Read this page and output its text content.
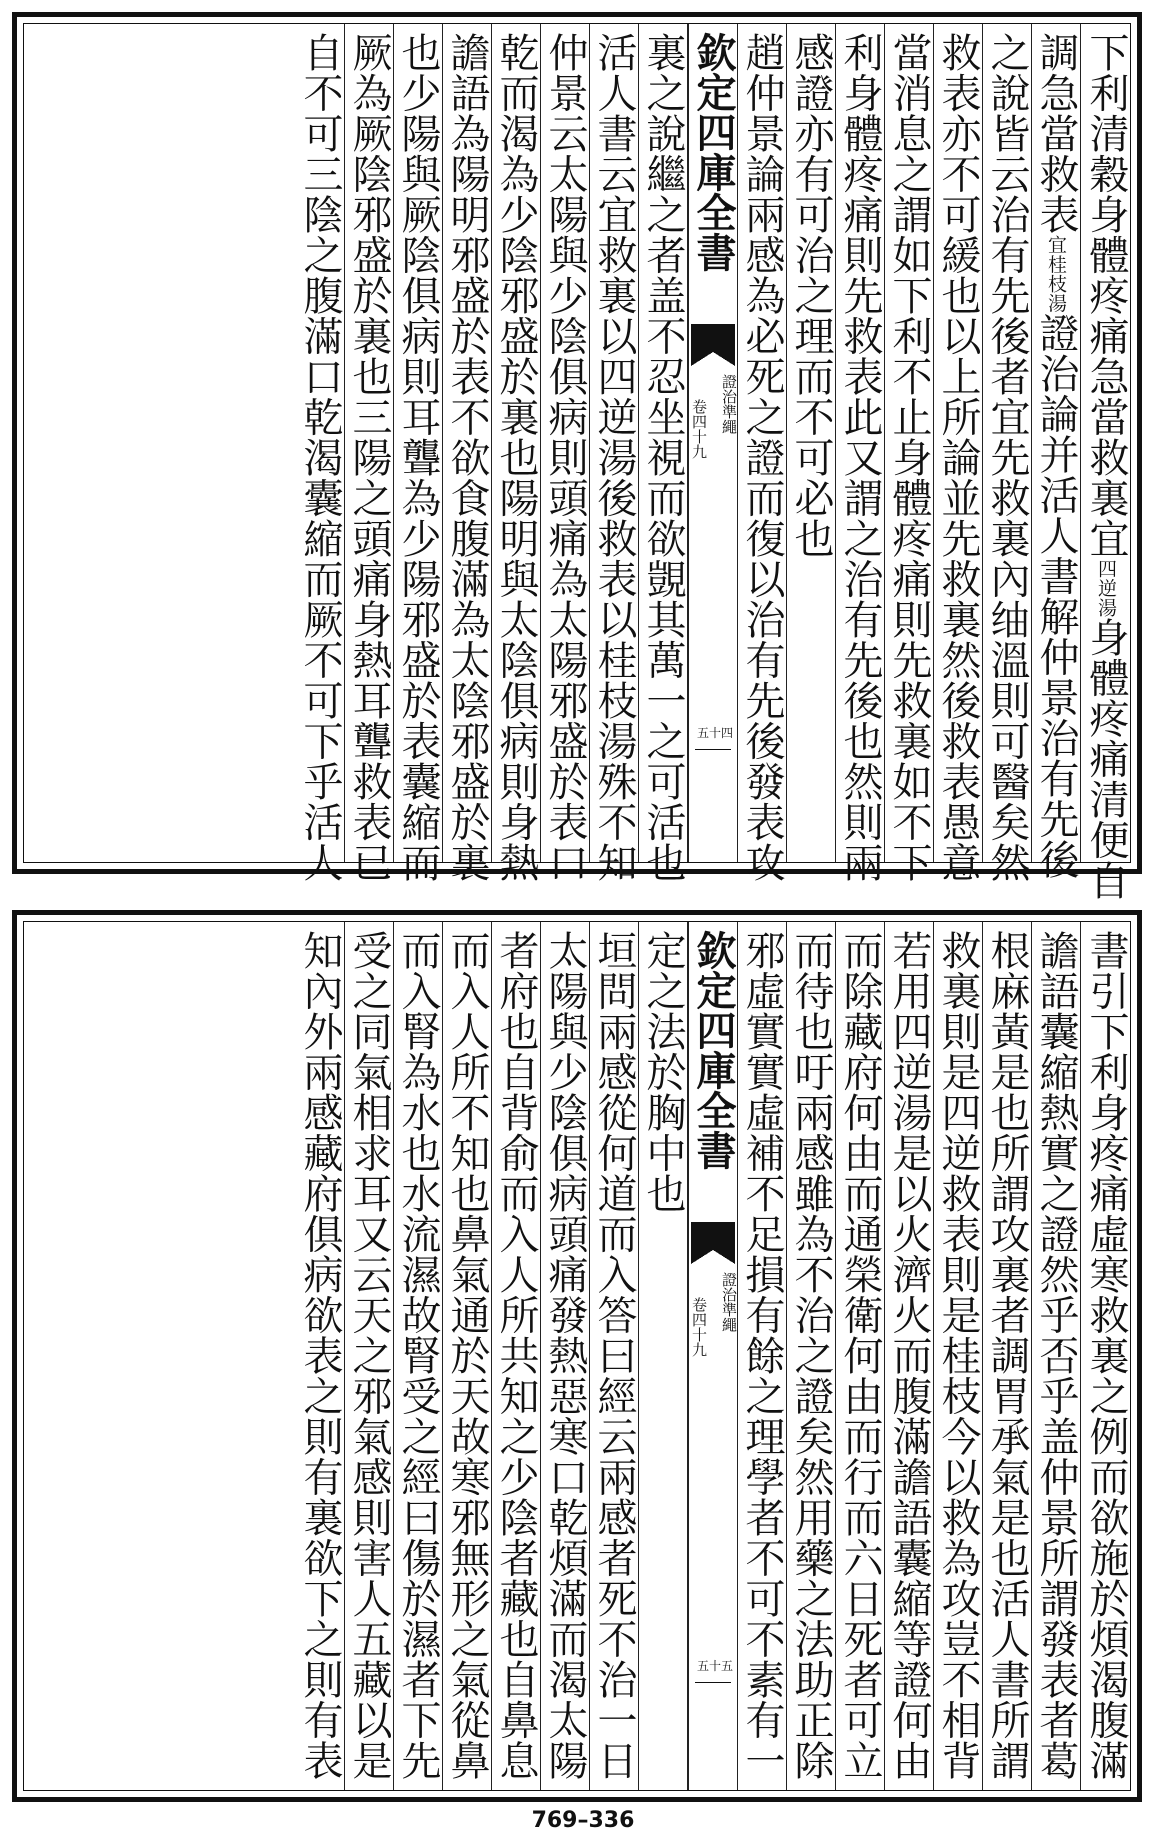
下利清穀身體疼痛急當救裏宜四逆湯身體疼痛清便自
調急當救表宜桂枝湯證治論并活人書解仲景治有先後
之說皆云治有先後者宜先救裏內䌷溫則可醫矣然
救表亦不可緩也以上所論並先救裏然後救表愚意
當消息之謂如下利不止身體疼痛則先救裏如不下
利身體疼痛則先救表此又謂之治有先後也然則兩
感證亦有可治之理而不可必也
趙仲景論兩感為必死之證而復以治有先後發表攻
欽定四庫全書
證治準繩
卷四十九
五十四
裏之說繼之者盖不忍坐視而欲覬其萬一之可活也
活人書云宜救裏以四逆湯後救表以桂枝湯殊不知
仲景云太陽與少陰俱病則頭痛為太陽邪盛於表口
乾而渴為少陰邪盛於裏也陽明與太陰俱病則身熱
譫語為陽明邪盛於表不欲食腹滿為太陰邪盛於裏
也少陽與厥陰俱病則耳聾為少陽邪盛於表囊縮而
厥為厥陰邪盛於裏也三陽之頭痛身熱耳聾救表已
自不可三陰之腹滿口乾渴囊縮而厥不可下乎活人
書引下利身疼痛虛寒救裏之例而欲施於煩渴腹滿
譫語囊縮熱實之證然乎否乎盖仲景所謂發表者葛
根麻黃是也所謂攻裏者調胃承氣是也活人書所謂
救裏則是四逆救表則是桂枝今以救為攻豈不相背
若用四逆湯是以火濟火而腹滿譫語囊縮等證何由
而除藏府何由而通榮衛何由而行而六日死者可立
而待也吁兩感雖為不治之證矣然用藥之法助正除
邪虛實實虛補不足損有餘之理學者不可不素有一
欽定四庫全書
證治準繩
卷四十九
五十五
定之法於胸中也
垣問兩感從何道而入答曰經云兩感者死不治一日
太陽與少陰俱病頭痛發熱惡寒口乾煩滿而渴太陽
者府也自背俞而入人所共知之少陰者藏也自鼻息
而入人所不知也鼻氣通於天故寒邪無形之氣從鼻
而入腎為水也水流濕故腎受之經曰傷於濕者下先
受之同氣相求耳又云天之邪氣感則害人五藏以是
知內外兩感藏府俱病欲表之則有裏欲下之則有表
769–336
